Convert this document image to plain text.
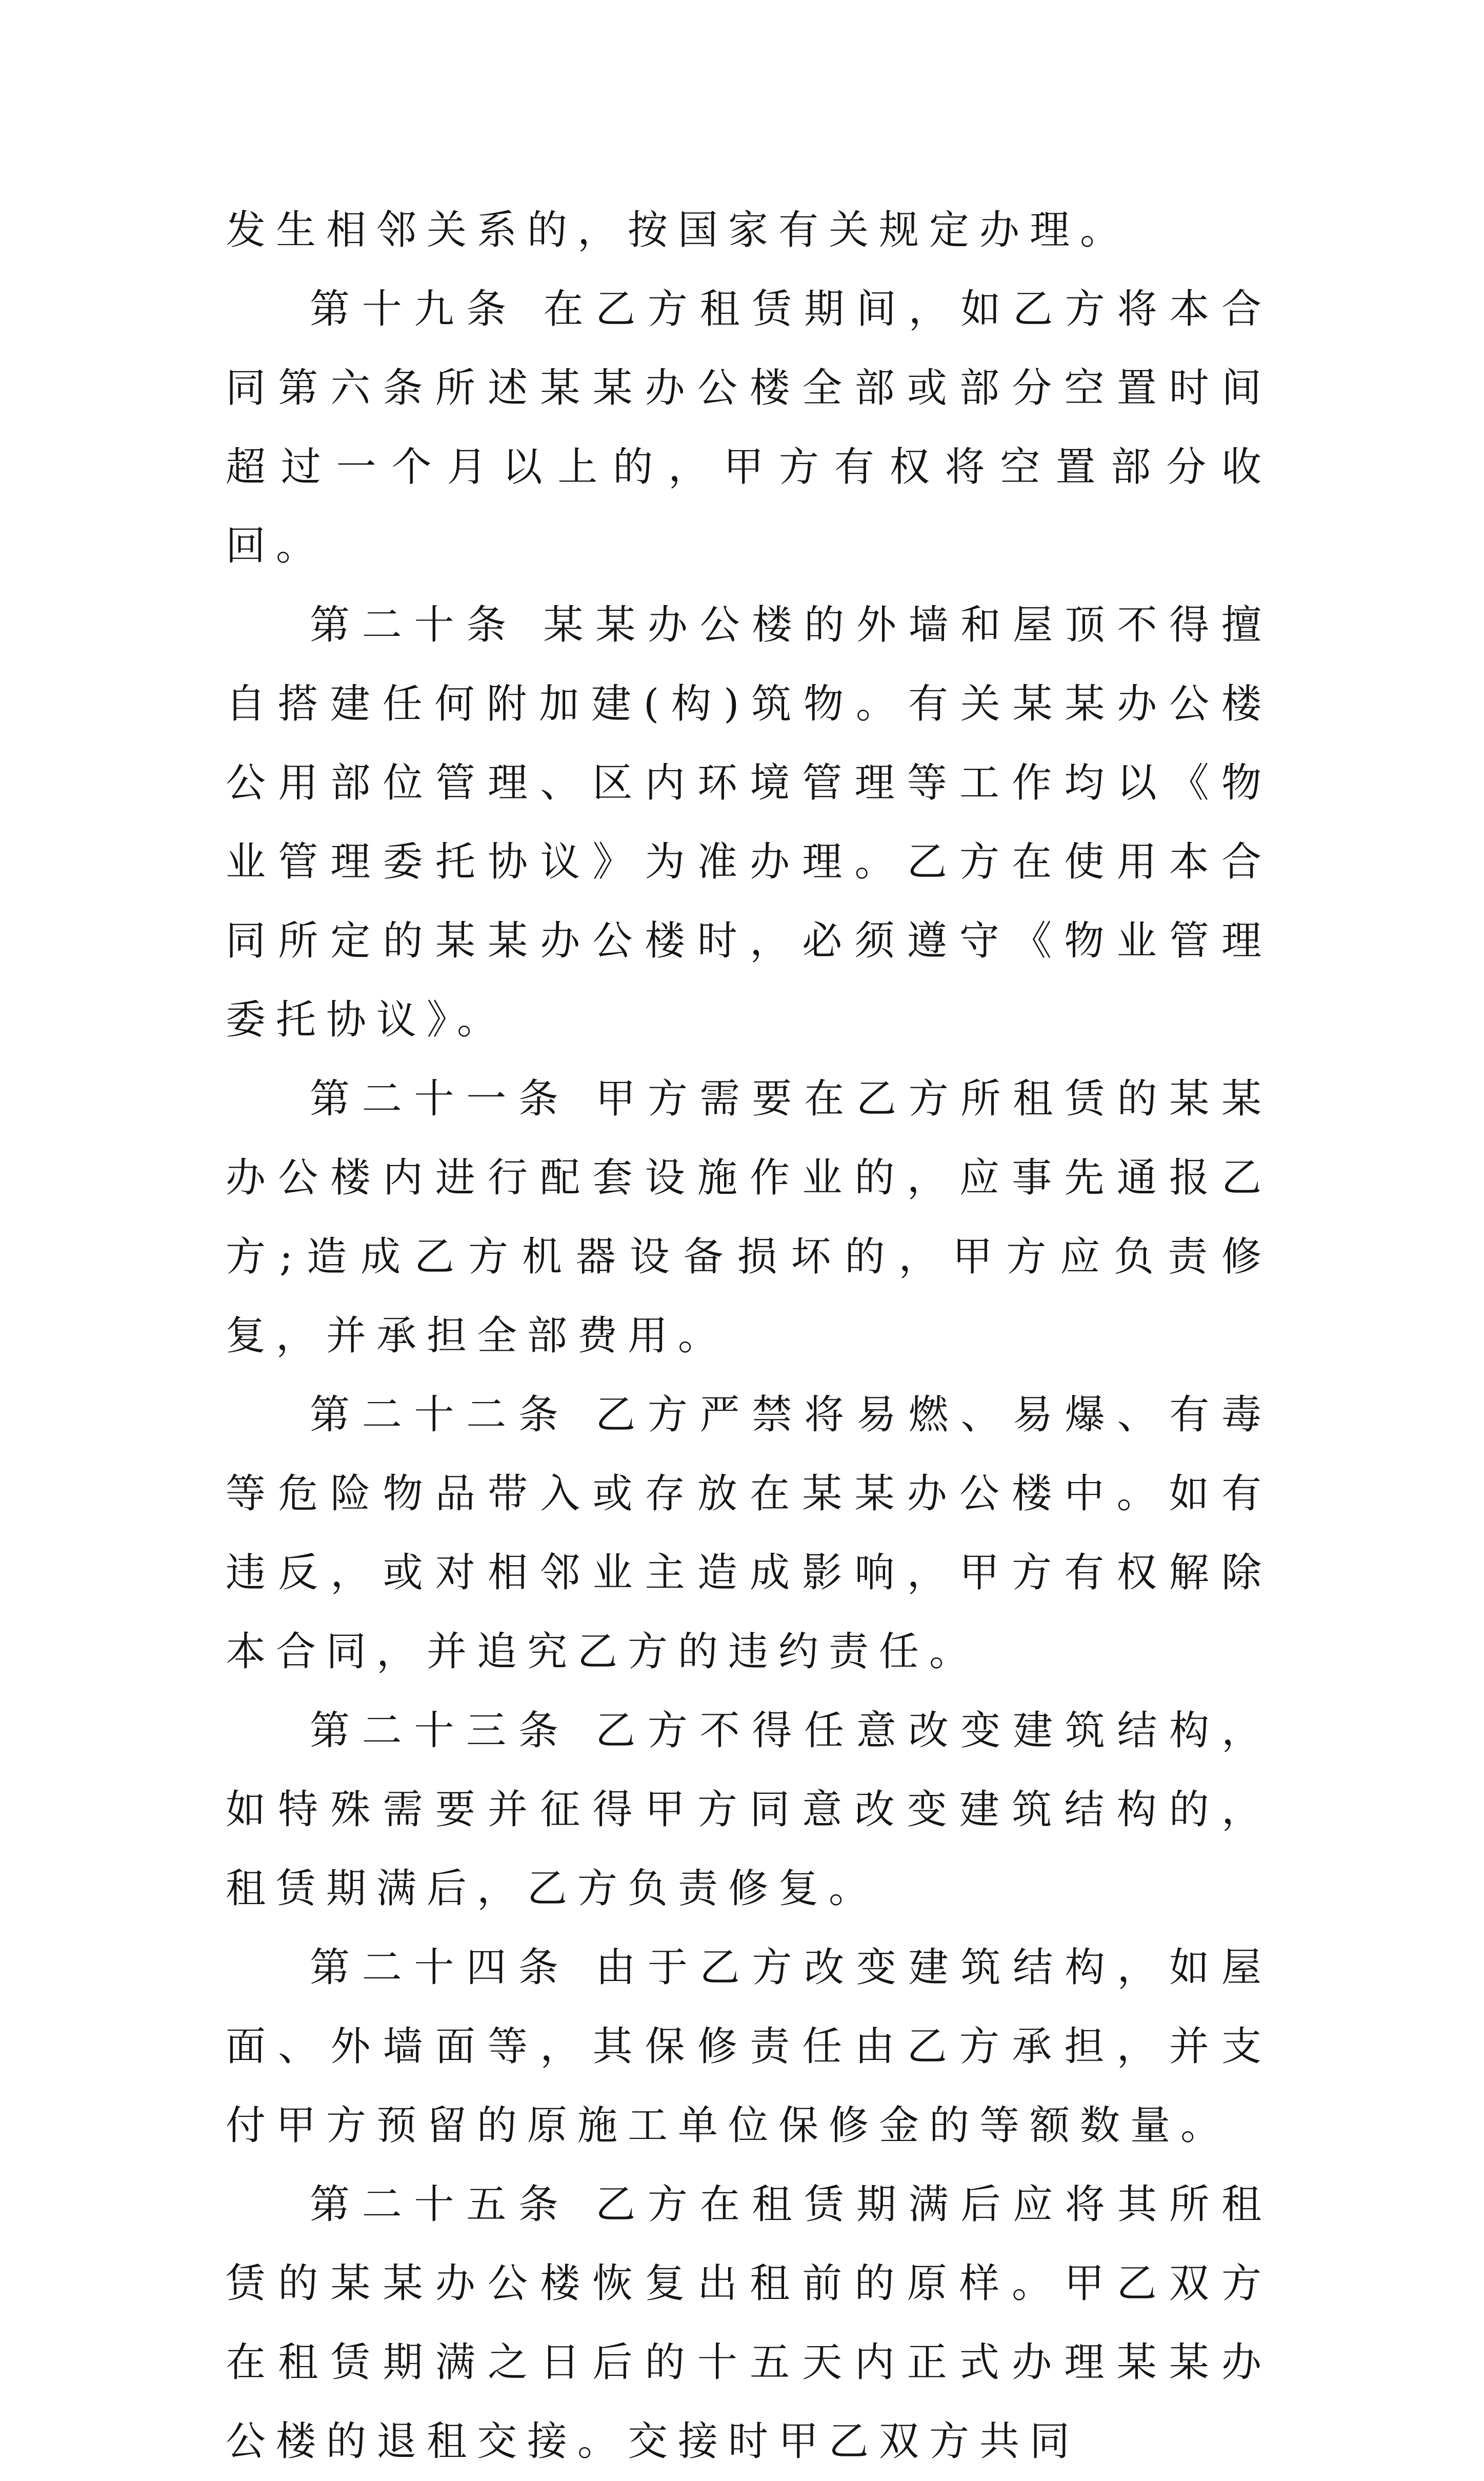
发生相邻关系的，按国家有关规定办理。

第十九条 在乙方租赁期间，如乙方将本合同第六条所述某某办公楼全部或部分空置时间超过一个月以上的，甲方有权将空置部分收回。

第二十条 某某办公楼的外墙和屋顶不得擅自搭建任何附加建(构)筑物。有关某某办公楼公用部位管理、区内环境管理等工作均以《物业管理委托协议》为准办理。乙方在使用本合同所定的某某办公楼时，必须遵守《物业管理委托协议》。

第二十一条 甲方需要在乙方所租赁的某某办公楼内进行配套设施作业的，应事先通报乙方;造成乙方机器设备损坏的，甲方应负责修复，并承担全部费用。

第二十二条 乙方严禁将易燃、易爆、有毒等危险物品带入或存放在某某办公楼中。如有违反，或对相邻业主造成影响，甲方有权解除本合同，并追究乙方的违约责任。

第二十三条 乙方不得任意改变建筑结构，如特殊需要并征得甲方同意改变建筑结构的，租赁期满后，乙方负责修复。

第二十四条 由于乙方改变建筑结构，如屋面、外墙面等，其保修责任由乙方承担，并支付甲方预留的原施工单位保修金的等额数量。

第二十五条 乙方在租赁期满后应将其所租赁的某某办公楼恢复出租前的原样。甲乙双方在租赁期满之日后的十五天内正式办理某某办公楼的退租交接。交接时甲乙双方共同
